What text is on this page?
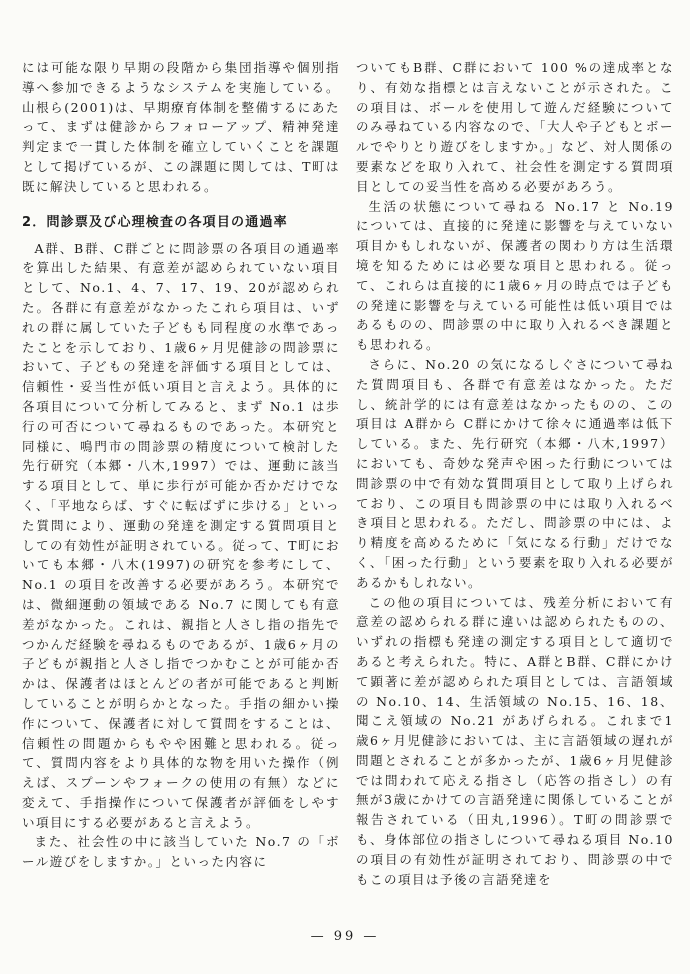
には可能な限り早期の段階から集団指導や個別指導へ参加できるようなシステムを実施している。山根ら(2001)は、早期療育体制を整備するにあたって、まずは健診からフォローアップ、精神発達判定まで一貫した体制を確立していくことを課題として掲げているが、この課題に関しては、T町は既に解決していると思われる。

2．問診票及び心理検査の各項目の通過率

A群、B群、C群ごとに問診票の各項目の通過率を算出した結果、有意差が認められていない項目として、No.1、4、7、17、19、20が認められた。各群に有意差がなかったこれら項目は、いずれの群に属していた子どもも同程度の水準であったことを示しており、1歳6ヶ月児健診の問診票において、子どもの発達を評価する項目としては、信頼性・妥当性が低い項目と言えよう。具体的に各項目について分析してみると、まず No.1 は歩行の可否について尋ねるものであった。本研究と同様に、鳴門市の問診票の精度について検討した先行研究（本郷・八木,1997）では、運動に該当する項目として、単に歩行が可能か否かだけでなく、「平地ならば、すぐに転ばずに歩ける」といった質問により、運動の発達を測定する質問項目としての有効性が証明されている。従って、T町においても本郷・八木(1997)の研究を参考にして、No.1 の項目を改善する必要があろう。本研究では、微細運動の領域である No.7 に関しても有意差がなかった。これは、親指と人さし指の指先でつかんだ経験を尋ねるものであるが、1歳6ヶ月の子どもが親指と人さし指でつかむことが可能か否かは、保護者はほとんどの者が可能であると判断していることが明らかとなった。手指の細かい操作について、保護者に対して質問をすることは、信頼性の問題からもやや困難と思われる。従って、質問内容をより具体的な物を用いた操作（例えば、スプーンやフォークの使用の有無）などに変えて、手指操作について保護者が評価をしやすい項目にする必要があると言えよう。

また、社会性の中に該当していた No.7 の「ボール遊びをしますか。」といった内容に

ついてもB群、C群において 100 %の達成率となり、有効な指標とは言えないことが示された。この項目は、ボールを使用して遊んだ経験についてのみ尋ねている内容なので、「大人や子どもとボールでやりとり遊びをしますか。」など、対人関係の要素などを取り入れて、社会性を測定する質問項目としての妥当性を高める必要があろう。

生活の状態について尋ねる No.17 と No.19 については、直接的に発達に影響を与えていない項目かもしれないが、保護者の関わり方は生活環境を知るためには必要な項目と思われる。従って、これらは直接的に1歳6ヶ月の時点では子どもの発達に影響を与えている可能性は低い項目ではあるものの、問診票の中に取り入れるべき課題とも思われる。

さらに、No.20 の気になるしぐさについて尋ねた質問項目も、各群で有意差はなかった。ただし、統計学的には有意差はなかったものの、この項目は A群から C群にかけて徐々に通過率は低下している。また、先行研究（本郷・八木,1997）においても、奇妙な発声や困った行動については問診票の中で有効な質問項目として取り上げられており、この項目も問診票の中には取り入れるべき項目と思われる。ただし、問診票の中には、より精度を高めるために「気になる行動」だけでなく、「困った行動」という要素を取り入れる必要があるかもしれない。

この他の項目については、残差分析において有意差の認められる群に違いは認められたものの、いずれの指標も発達の測定する項目として適切であると考えられた。特に、A群とB群、C群にかけて顕著に差が認められた項目としては、言語領域の No.10、14、生活領域の No.15、16、18、聞こえ領域の No.21 があげられる。これまで1歳6ヶ月児健診においては、主に言語領域の遅れが問題とされることが多かったが、1歳6ヶ月児健診では問われて応える指さし（応答の指さし）の有無が3歳にかけての言語発達に関係していることが報告されている（田丸,1996）。T町の問診票でも、身体部位の指さしについて尋ねる項目 No.10 の項目の有効性が証明されており、問診票の中でもこの項目は予後の言語発達を

— 99 —
